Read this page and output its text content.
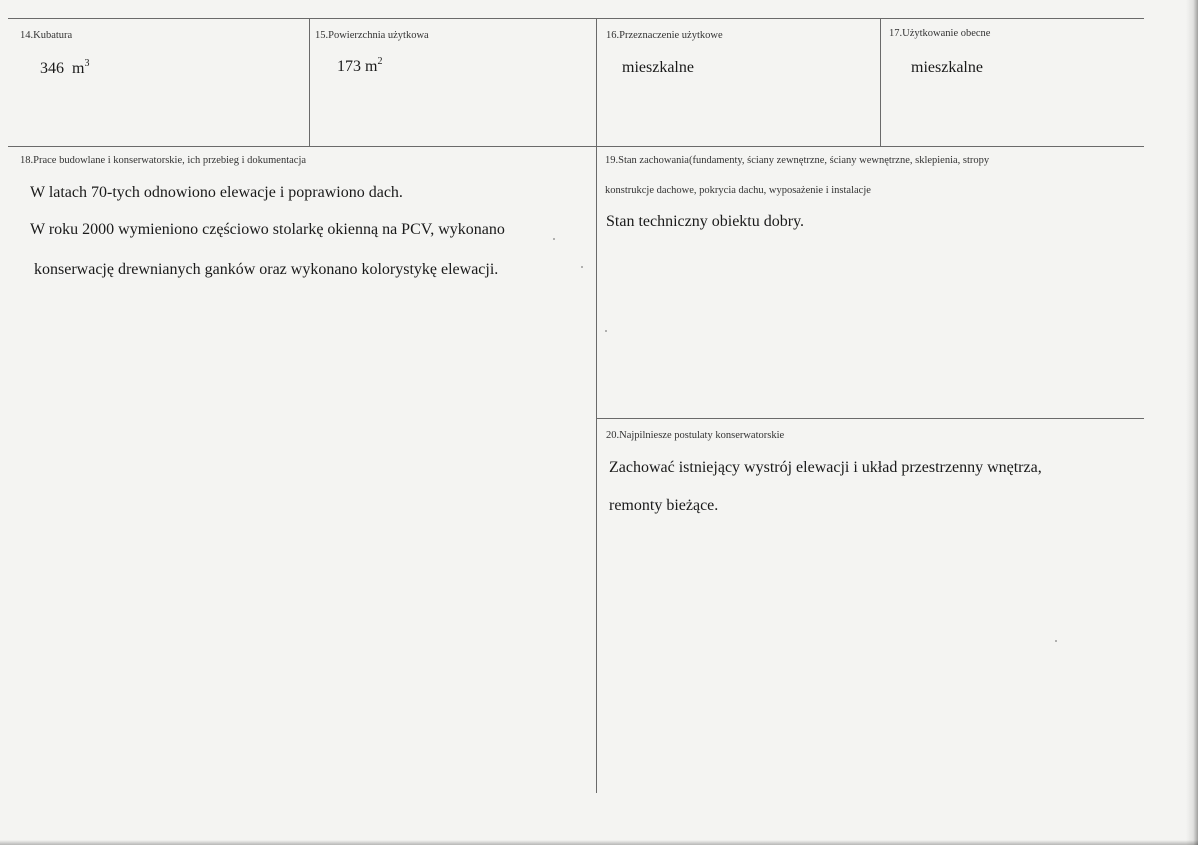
14.Kubatura
346 $m^3$
15.Powierzchnia użytkowa
173 $m^2$
16.Przeznaczenie użytkowe
mieszkalne
17.Użytkowanie obecne
mieszkalne
18.Prace budowlane i konserwatorskie, ich przebieg i dokumentacja
W latach 70-tych odnowiono elewacje i poprawiono dach.
W roku 2000 wymieniono częściowo stolarkę okienną na PCV, wykonano
konserwację drewnianych ganków oraz wykonano kolorystykę elewacji.
19.Stan zachowania(fundamenty, ściany zewnętrzne, ściany wewnętrzne, sklepienia, stropy
konstrukcje dachowe, pokrycia dachu, wyposażenie i instalacje
Stan techniczny obiektu dobry.
20.Najpilniesze postulaty konserwatorskie
Zachować istniejący wystrój elewacji i układ przestrzenny wnętrza,
remonty bieżące.
